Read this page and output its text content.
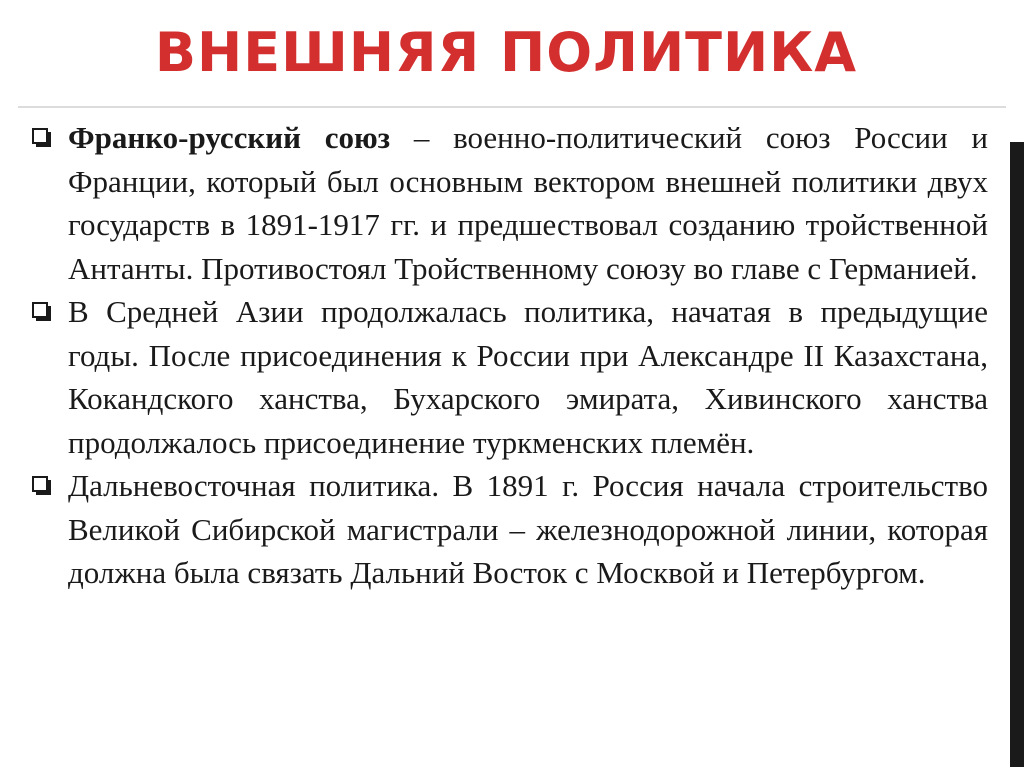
ВНЕШНЯЯ ПОЛИТИКА
Франко-русский союз – военно-политический союз России и Франции, который был основным вектором внешней политики двух государств в 1891-1917 гг. и предшествовал созданию тройственной Антанты. Противостоял Тройственному союзу во главе с Германией.
В Средней Азии продолжалась политика, начатая в предыдущие годы. После присоединения к России при Александре II Казахстана, Кокандского ханства, Бухарского эмирата, Хивинского ханства продолжалось присоединение туркменских племён.
Дальневосточная политика. В 1891 г. Россия начала строительство Великой Сибирской магистрали – железнодорожной линии, которая должна была связать Дальний Восток с Москвой и Петербургом.
